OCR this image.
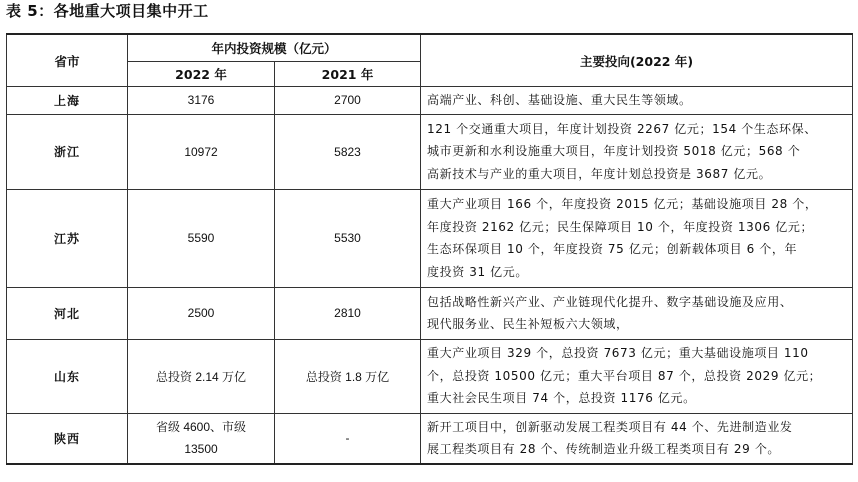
表 5：各地重大项目集中开工
省市	年内投资规模（亿元）		主要投向(2022 年)
	2022 年	2021 年	
上海	3176	2700	高端产业、科创、基础设施、重大民生等领域。

浙江	10972	5823	121 个交通重大项目，年度计划投资 2267 亿元；154 个生态环保、
城市更新和水利设施重大项目，年度计划投资 5018 亿元；568 个
高新技术与产业的重大项目，年度计划总投资是 3687 亿元。

江苏	5590	5530	重大产业项目 166 个，年度投资 2015 亿元；基础设施项目 28 个，
年度投资 2162 亿元；民生保障项目 10 个，年度投资 1306 亿元；
生态环保项目 10 个，年度投资 75 亿元；创新载体项目 6 个，年
度投资 31 亿元。

河北	2500	2810	包括战略性新兴产业、产业链现代化提升、数字基础设施及应用、
现代服务业、民生补短板六大领域，

山东	总投资 2.14 万亿	总投资 1.8 万亿	重大产业项目 329 个，总投资 7673 亿元；重大基础设施项目 110
个，总投资 10500 亿元；重大平台项目 87 个，总投资 2029 亿元；
重大社会民生项目 74 个，总投资 1176 亿元。

陕西	省级 4600、市级 13500	-	新开工项目中，创新驱动发展工程类项目有 44 个、先进制造业发
展工程类项目有 28 个、传统制造业升级工程类项目有 29 个。
